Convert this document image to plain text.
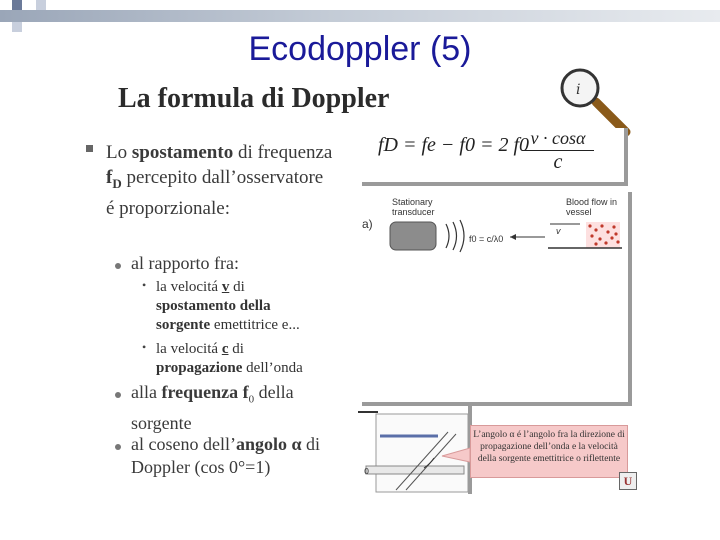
Ecodoppler (5)
La formula di Doppler	i
Lo spostamento di frequenza $f_D$ percepito dall’osservatore é proporzionale:
al rapporto fra:
• la velocitá v di spostamento della sorgente emettitrice e...
• la velocitá c di propagazione dell’onda
alla frequenza $f_0$ della sorgente
al coseno dell’angolo α di Doppler (cos 0°=1)
fD = fe − f0 = 2 f0 v · cosα
c
a)
Stationary transducer
Blood flow in vessel
f0 = c/λ0
v
0
L’angolo α é l’angolo fra la direzione di propagazione dell’onda e la velocità della sorgente emettitrice o riflettente
U
